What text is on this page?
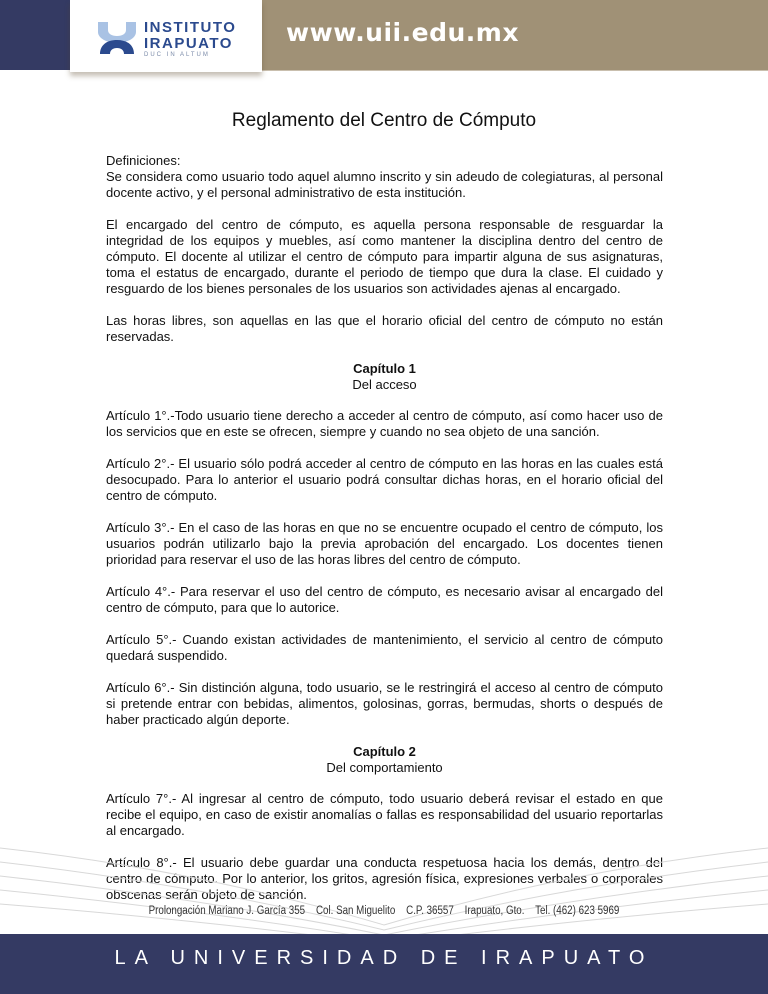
INSTITUTO
IRAPUATO
DUC IN ALTUM
www.uii.edu.mx
Reglamento del Centro de Cómputo

Definiciones:
Se considera como usuario todo aquel alumno inscrito y sin adeudo de colegiaturas, al personal docente activo, y el personal administrativo de esta institución.

El encargado del centro de cómputo, es aquella persona responsable de resguardar la integridad de los equipos y muebles, así como mantener la disciplina dentro del centro de cómputo. El docente al utilizar el centro de cómputo para impartir alguna de sus asignaturas, toma el estatus de encargado, durante el periodo de tiempo que dura la clase. El cuidado y resguardo de los bienes personales de los usuarios son actividades ajenas al encargado.

Las horas libres, son aquellas en las que el horario oficial del centro de cómputo no están reservadas.

Capítulo 1
Del acceso

Artículo 1°.-Todo usuario tiene derecho a acceder al centro de cómputo, así como hacer uso de los servicios que en este se ofrecen, siempre y cuando no sea objeto de una sanción.

Artículo 2°.- El usuario sólo podrá acceder al centro de cómputo en las horas en las cuales está desocupado. Para lo anterior el usuario podrá consultar dichas horas, en el horario oficial del centro de cómputo.

Artículo 3°.- En el caso de las horas en que no se encuentre ocupado el centro de cómputo, los usuarios podrán utilizarlo bajo la previa aprobación del encargado. Los docentes tienen prioridad para reservar el uso de las horas libres del centro de cómputo.

Artículo 4°.- Para reservar el uso del centro de cómputo, es necesario avisar al encargado del centro de cómputo, para que lo autorice.

Artículo 5°.- Cuando existan actividades de mantenimiento, el servicio al centro de cómputo quedará suspendido.

Artículo 6°.- Sin distinción alguna, todo usuario, se le restringirá el acceso al centro de cómputo si pretende entrar con bebidas, alimentos, golosinas, gorras, bermudas, shorts o después de haber practicado algún deporte.

Capítulo 2
Del comportamiento

Artículo 7°.- Al ingresar al centro de cómputo, todo usuario deberá revisar el estado en que recibe el equipo, en caso de existir anomalías o fallas es responsabilidad del usuario reportarlas al encargado.

Artículo 8°.- El usuario debe guardar una conducta respetuosa hacia los demás, dentro del centro de cómputo. Por lo anterior, los gritos, agresión física, expresiones verbales o corporales obscenas serán objeto de sanción.

Prolongación Mariano J. García 355    Col. San Miguelito    C.P. 36557    Irapuato, Gto.    Tel. (462) 623 5969
LA UNIVERSIDAD DE IRAPUATO
